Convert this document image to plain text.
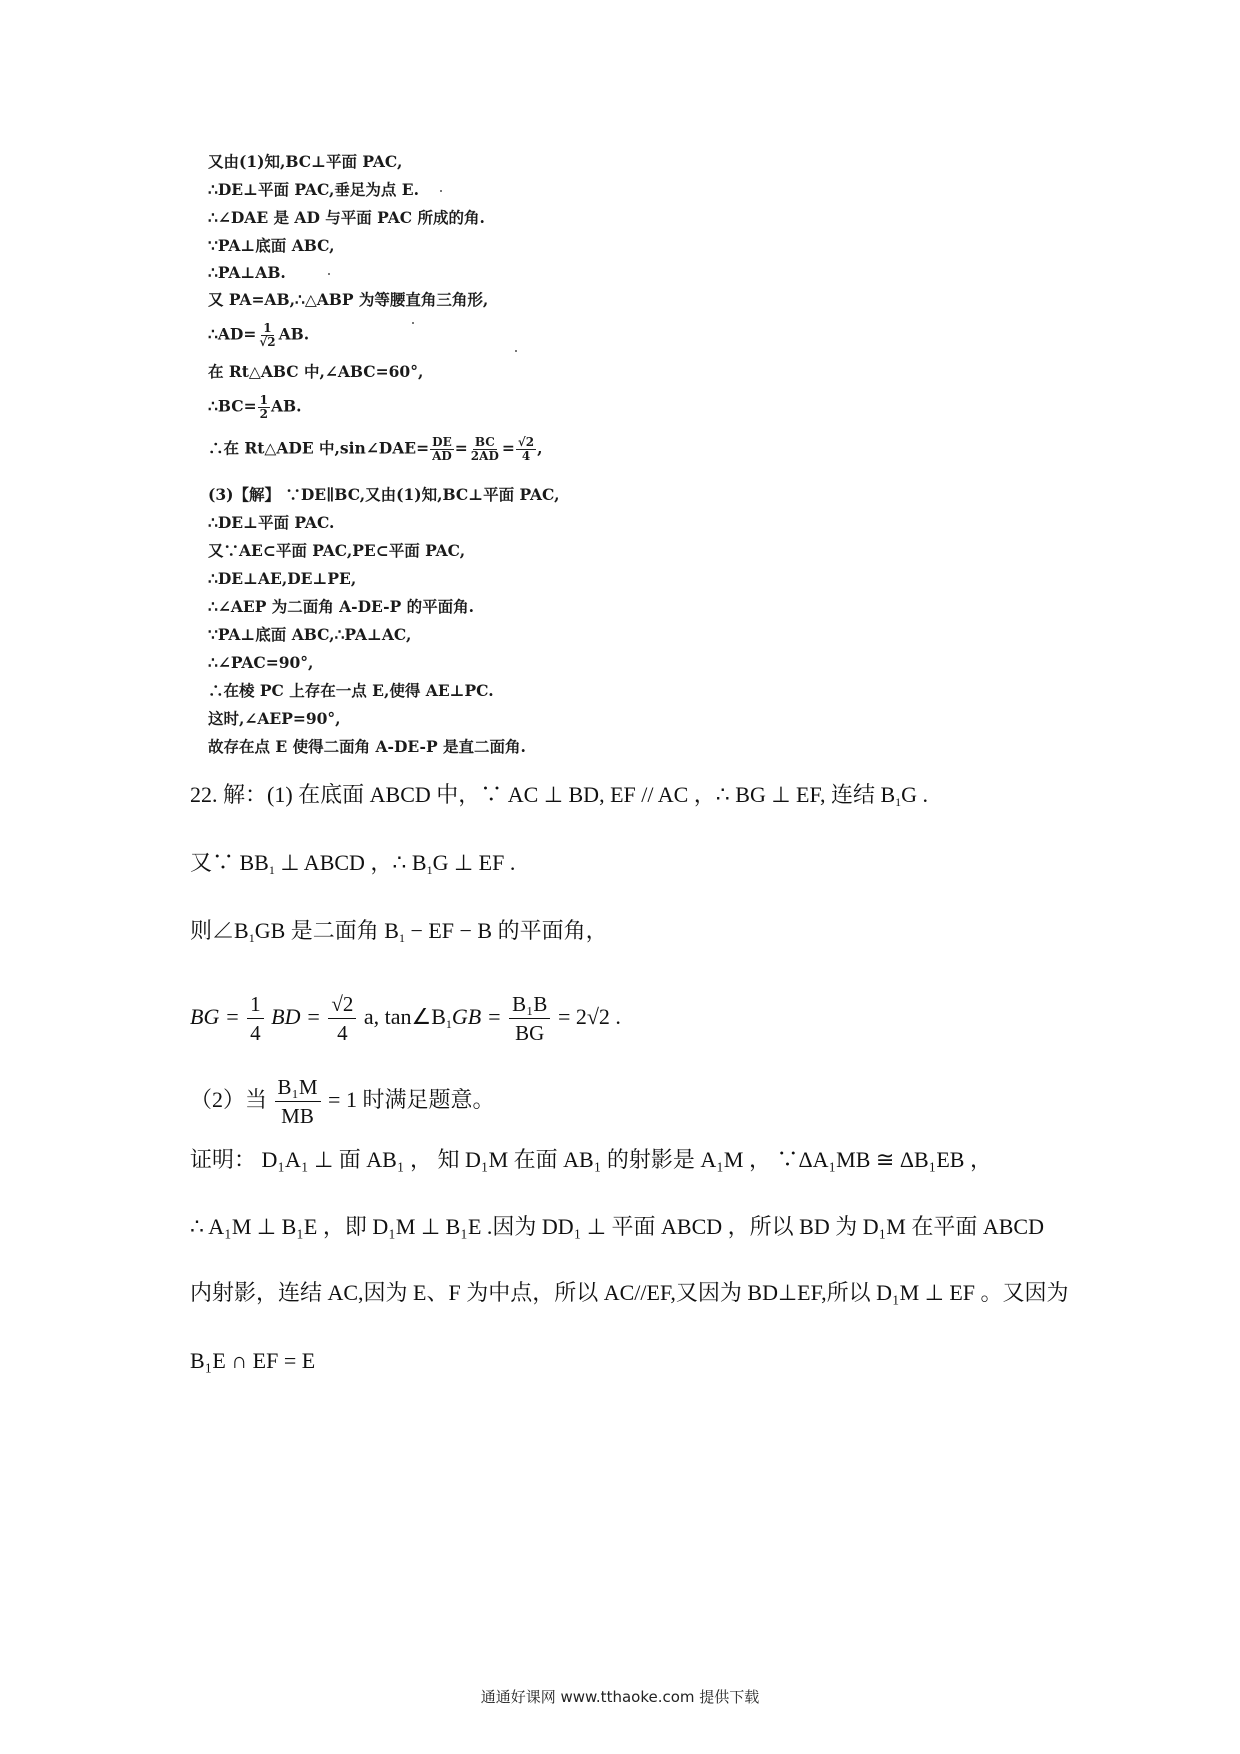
又由(1)知,BC⊥平面 PAC,
∴DE⊥平面 PAC,垂足为点 E.
∴∠DAE 是 AD 与平面 PAC 所成的角.
∵PA⊥底面 ABC,
∴PA⊥AB.
又 PA=AB,∴△ABP 为等腰直角三角形,
∴AD= $\frac{1}{√2}$ AB.
在 Rt△ABC 中,∠ABC=60°,
∴BC= $\frac{1}{2}$ AB.
∴在 Rt△ADE 中,sin∠DAE= $\frac{DE}{AD} = \frac{BC}{2AD} = \frac{√2}{4}$ ,
(3)【解】 ∵DE∥BC,又由(1)知,BC⊥平面 PAC,
∴DE⊥平面 PAC.
又∵AE⊂平面 PAC,PE⊂平面 PAC,
∴DE⊥AE,DE⊥PE,
∴∠AEP 为二面角 A-DE-P 的平面角.
∵PA⊥底面 ABC,∴PA⊥AC,
∴∠PAC=90°,
∴在棱 PC 上存在一点 E,使得 AE⊥PC.
这时,∠AEP=90°,
故存在点 E 使得二面角 A-DE-P 是直二面角.
22. 解：(1) 在底面 ABCD 中，∵ AC ⊥ BD, EF // AC ，∴ BG ⊥ EF, 连结 $B_1G$ .
又∵ $BB_1$ ⊥ ABCD ，∴ $B_1G$ ⊥ EF .
则$\angle B_1GB$ 是二面角 $B_1$ − EF − B 的平面角，
BG = $\frac{1}{4}$ BD = $\frac{√2}{4} a$, $\tan\angle B_1GB = \frac{\text{B₁B}}{BG} = 2√2$ .
（2）当 $\frac{\text{B₁M}}{MB} = 1$ 时满足题意。
证明： D₁A₁ ⊥ 面 AB₁ ， 知 D₁M 在面 AB₁ 的射影是 A₁M ， ∵ΔA₁MB ≅ ΔB₁EB ，
∴ A₁M ⊥ B₁E ，即 D₁M ⊥ B₁E .因为 DD₁ ⊥ 平面 ABCD ，所以 BD 为 D₁M 在平面 ABCD
内射影，连结 AC,因为 E、F 为中点，所以 AC//EF,又因为 BD⊥EF,所以 D₁M ⊥ EF 。又因为
B₁E ∩ EF = E
通通好课网 www.tthaoke.com 提供下载
